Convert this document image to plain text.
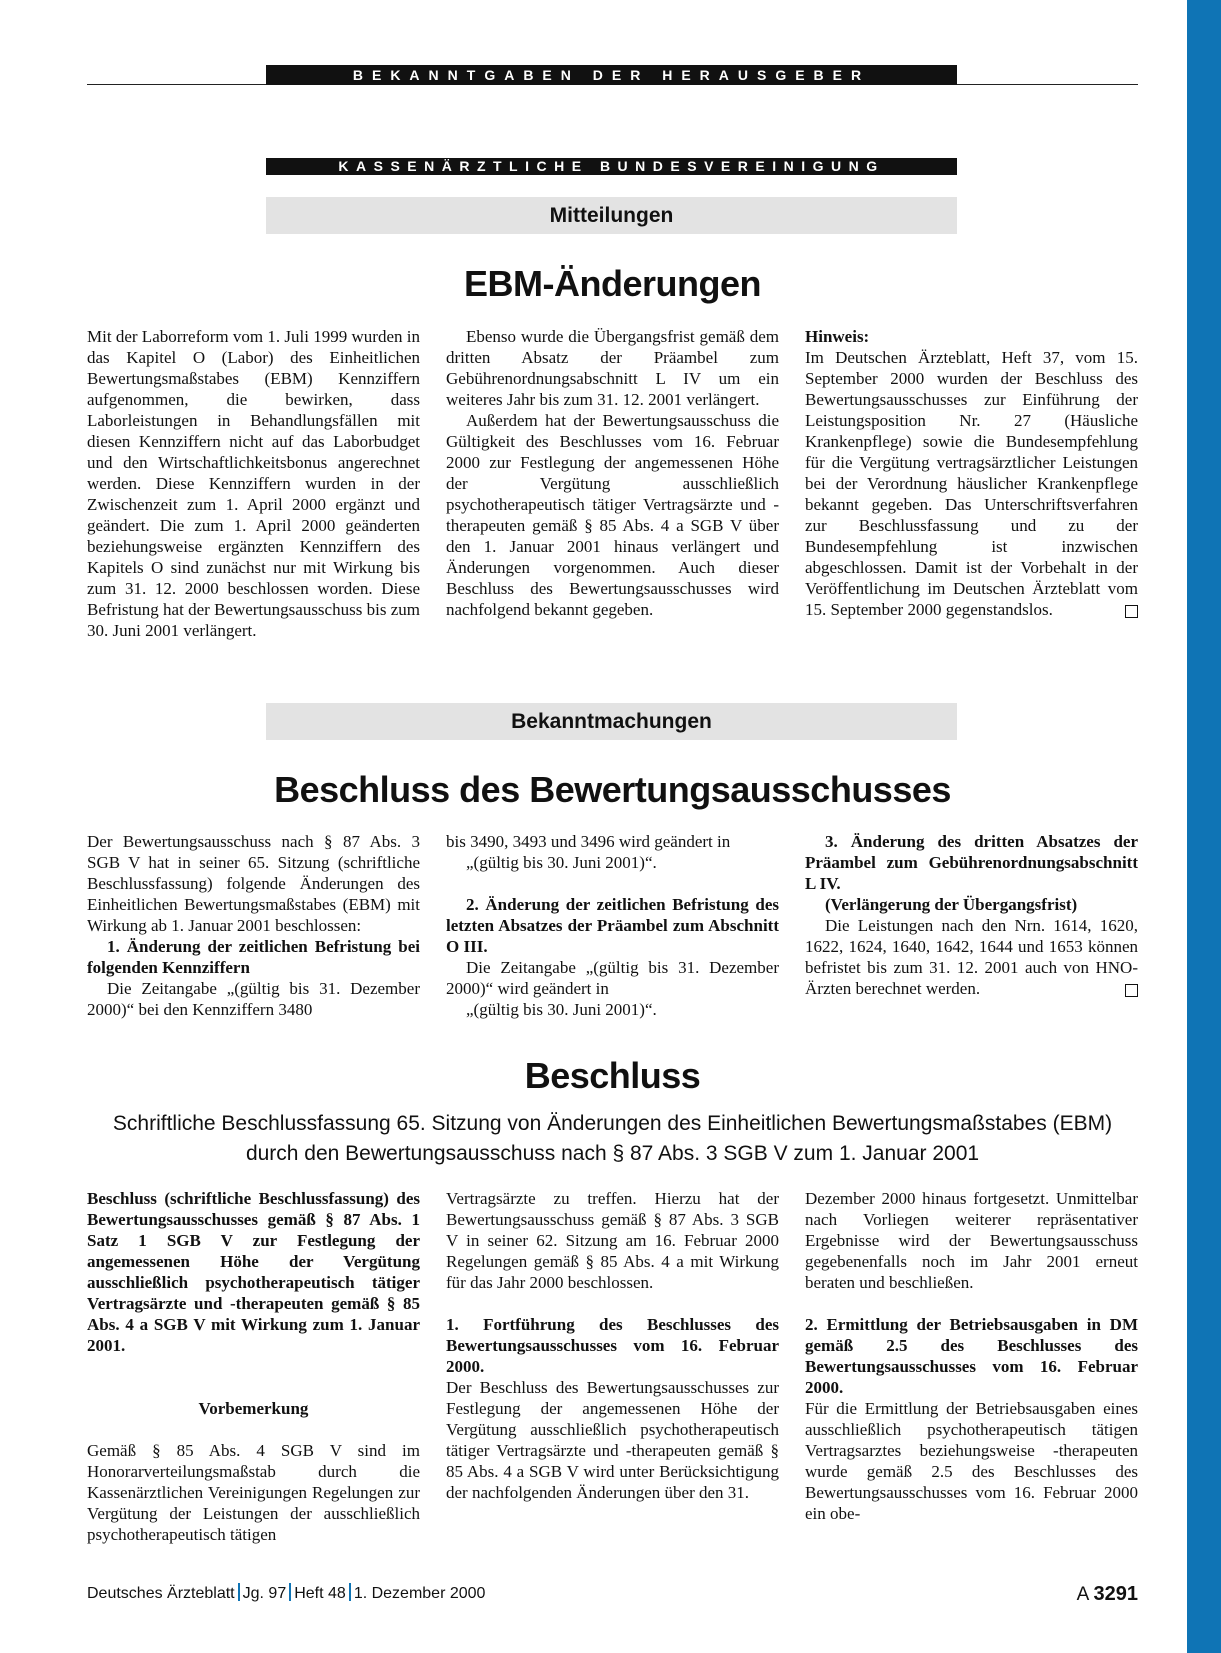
BEKANNTGABEN DER HERAUSGEBER
KASSENÄRZTLICHE BUNDESVEREINIGUNG
Mitteilungen
EBM-Änderungen

Mit der Laborreform vom 1. Juli 1999 wurden in das Kapitel O (Labor) des Einheitlichen Bewertungsmaßstabes (EBM) Kennziffern aufgenommen, die bewirken, dass Laborleistungen in Behandlungsfällen mit diesen Kennziffern nicht auf das Laborbudget und den Wirtschaftlichkeitsbonus angerechnet werden. Diese Kennziffern wurden in der Zwischenzeit zum 1. April 2000 ergänzt und geändert. Die zum 1. April 2000 geänderten beziehungsweise ergänzten Kennziffern des Kapitels O sind zunächst nur mit Wirkung bis zum 31. 12. 2000 beschlossen worden. Diese Befristung hat der Bewertungsausschuss bis zum 30. Juni 2001 verlängert.

Ebenso wurde die Übergangsfrist gemäß dem dritten Absatz der Präambel zum Gebührenordnungsabschnitt L IV um ein weiteres Jahr bis zum 31. 12. 2001 verlängert.

Außerdem hat der Bewertungsausschuss die Gültigkeit des Beschlusses vom 16. Februar 2000 zur Festlegung der angemessenen Höhe der Vergütung ausschließlich psychotherapeutisch tätiger Vertragsärzte und -therapeuten gemäß § 85 Abs. 4 a SGB V über den 1. Januar 2001 hinaus verlängert und Änderungen vorgenommen. Auch dieser Beschluss des Bewertungsausschusses wird nachfolgend bekannt gegeben.

Hinweis:

Im Deutschen Ärzteblatt, Heft 37, vom 15. September 2000 wurden der Beschluss des Bewertungsausschusses zur Einführung der Leistungsposition Nr. 27 (Häusliche Krankenpflege) sowie die Bundesempfehlung für die Vergütung vertragsärztlicher Leistungen bei der Verordnung häuslicher Krankenpflege bekannt gegeben. Das Unterschriftsverfahren zur Beschlussfassung und zu der Bundesempfehlung ist inzwischen abgeschlossen. Damit ist der Vorbehalt in der Veröffentlichung im Deutschen Ärzteblatt vom 15. September 2000 gegenstandslos.

Bekanntmachungen
Beschluss des Bewertungsausschusses

Der Bewertungsausschuss nach § 87 Abs. 3 SGB V hat in seiner 65. Sitzung (schriftliche Beschlussfassung) folgende Änderungen des Einheitlichen Bewertungsmaßstabes (EBM) mit Wirkung ab 1. Januar 2001 beschlossen:

1. Änderung der zeitlichen Befristung bei folgenden Kennziffern

Die Zeitangabe „(gültig bis 31. Dezember 2000)“ bei den Kennziffern 3480

bis 3490, 3493 und 3496 wird geändert in

„(gültig bis 30. Juni 2001)“.

2. Änderung der zeitlichen Befristung des letzten Absatzes der Präambel zum Abschnitt O III.

Die Zeitangabe „(gültig bis 31. Dezember 2000)“ wird geändert in

„(gültig bis 30. Juni 2001)“.

3. Änderung des dritten Absatzes der Präambel zum Gebührenordnungsabschnitt L IV.

(Verlängerung der Übergangsfrist)

Die Leistungen nach den Nrn. 1614, 1620, 1622, 1624, 1640, 1642, 1644 und 1653 können befristet bis zum 31. 12. 2001 auch von HNO-Ärzten berechnet werden.

Beschluss
Schriftliche Beschlussfassung 65. Sitzung von Änderungen des Einheitlichen Bewertungsmaßstabes (EBM)
durch den Bewertungsausschuss nach § 87 Abs. 3 SGB V zum 1. Januar 2001

Beschluss (schriftliche Beschlussfassung) des Bewertungsausschusses gemäß § 87 Abs. 1 Satz 1 SGB V zur Festlegung der angemessenen Höhe der Vergütung ausschließlich psychotherapeutisch tätiger Vertragsärzte und -therapeuten gemäß § 85 Abs. 4 a SGB V mit Wirkung zum 1. Januar 2001.

Vorbemerkung

Gemäß § 85 Abs. 4 SGB V sind im Honorarverteilungsmaßstab durch die Kassenärztlichen Vereinigungen Regelungen zur Vergütung der Leistungen der ausschließlich psychotherapeutisch tätigen

Vertragsärzte zu treffen. Hierzu hat der Bewertungsausschuss gemäß § 87 Abs. 3 SGB V in seiner 62. Sitzung am 16. Februar 2000 Regelungen gemäß § 85 Abs. 4 a mit Wirkung für das Jahr 2000 beschlossen.

1. Fortführung des Beschlusses des Bewertungsausschusses vom 16. Februar 2000.

Der Beschluss des Bewertungsausschusses zur Festlegung der angemessenen Höhe der Vergütung ausschließlich psychotherapeutisch tätiger Vertragsärzte und -therapeuten gemäß § 85 Abs. 4 a SGB V wird unter Berücksichtigung der nachfolgenden Änderungen über den 31.

Dezember 2000 hinaus fortgesetzt. Unmittelbar nach Vorliegen weiterer repräsentativer Ergebnisse wird der Bewertungsausschuss gegebenenfalls noch im Jahr 2001 erneut beraten und beschließen.

2. Ermittlung der Betriebsausgaben in DM gemäß 2.5 des Beschlusses des Bewertungsausschusses vom 16. Februar 2000.

Für die Ermittlung der Betriebsausgaben eines ausschließlich psychotherapeutisch tätigen Vertragsarztes beziehungsweise -therapeuten wurde gemäß 2.5 des Beschlusses des Bewertungsausschusses vom 16. Februar 2000 ein obe-

Deutsches Ärzteblatt Jg. 97 Heft 48 1. Dezember 2000	A 3291
